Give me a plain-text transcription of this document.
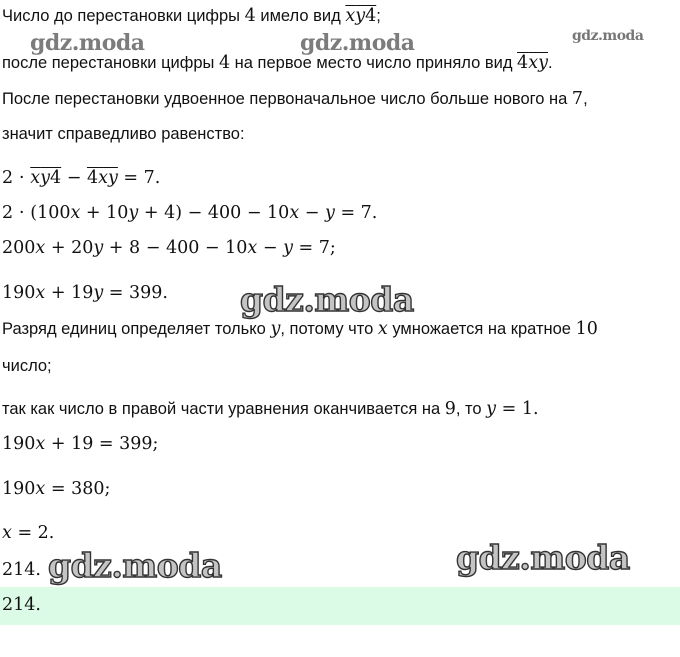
gdz.moda	gdz.moda	gdz.moda
gdz.moda
gdz.moda	gdz.moda
Число до перестановки цифры 4 имело вид xy4;
после перестановки цифры 4 на первое место число приняло вид 4xy.
После перестановки удвоенное первоначальное число больше нового на 7,
значит справедливо равенство:
2 ⋅ xy4 − 4xy = 7.
2 ⋅ (100x + 10y + 4) − 400 − 10x − y = 7.
200x + 20y + 8 − 400 − 10x − y = 7;
190x + 19y = 399.
Разряд единиц определяет только y, потому что x умножается на кратное 10
число;
так как число в правой части уравнения оканчивается на 9, то y = 1.
190x + 19 = 399;
190x = 380;
x = 2.
214.
214.
